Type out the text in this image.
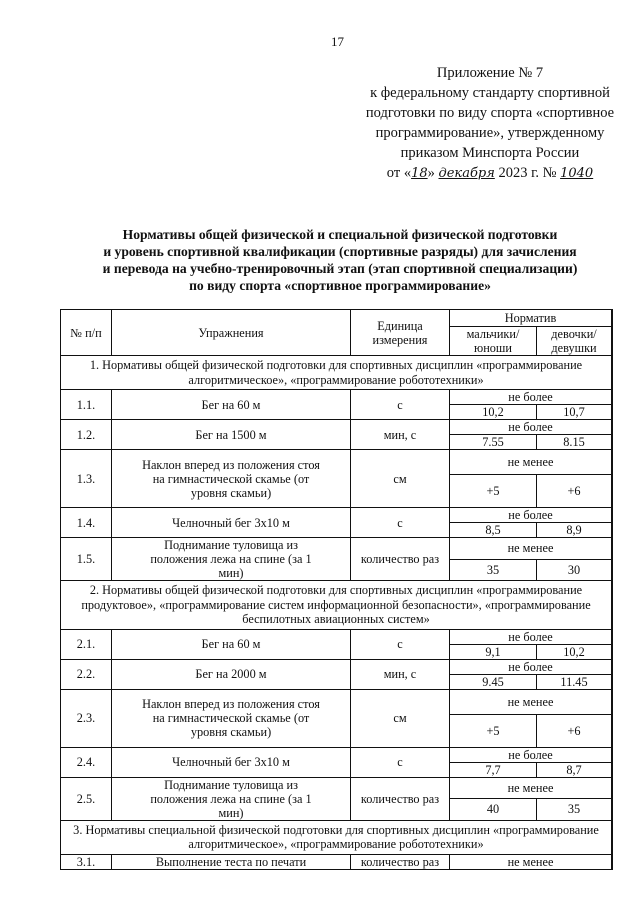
17
Приложение № 7
к федеральному стандарту спортивной
подготовки по виду спорта «спортивное
программирование», утвержденному
приказом Минспорта России
от «18» декабря 2023 г. № 1040
Нормативы общей физической и специальной физической подготовки
и уровень спортивной квалификации (спортивные разряды) для зачисления
и перевода на учебно-тренировочный этап (этап спортивной специализации)
по виду спорта «спортивное программирование»
№ п/п	Упражнения	Единица измерения	Норматив	
			мальчики/ юноши	девочки/ девушки
1. Нормативы общей физической подготовки для спортивных дисциплин «программирование алгоритмическое», «программирование робототехники»				
1.1.	Бег на 60 м	с	не более	
			10,2	10,7
1.2.	Бег на 1500 м	мин, с	не более	
			7.55	8.15
1.3.	Наклон вперед из положения стоя на гимнастической скамье (от уровня скамьи)	см	не менее	
			+5	+6
1.4.	Челночный бег 3х10 м	с	не более	
			8,5	8,9
1.5.	Поднимание туловища из положения лежа на спине (за 1 мин)	количество раз	не менее	
			35	30
2. Нормативы общей физической подготовки для спортивных дисциплин «программирование продуктовое», «программирование систем информационной безопасности», «программирование беспилотных авиационных систем»				
2.1.	Бег на 60 м	с	не более	
			9,1	10,2
2.2.	Бег на 2000 м	мин, с	не более	
			9.45	11.45
2.3.	Наклон вперед из положения стоя на гимнастической скамье (от уровня скамьи)	см	не менее	
			+5	+6
2.4.	Челночный бег 3х10 м	с	не более	
			7,7	8,7
2.5.	Поднимание туловища из положения лежа на спине (за 1 мин)	количество раз	не менее	
			40	35
3. Нормативы специальной физической подготовки для спортивных дисциплин «программирование алгоритмическое», «программирование робототехники»				
3.1.	Выполнение теста по печати	количество раз	не менее	
